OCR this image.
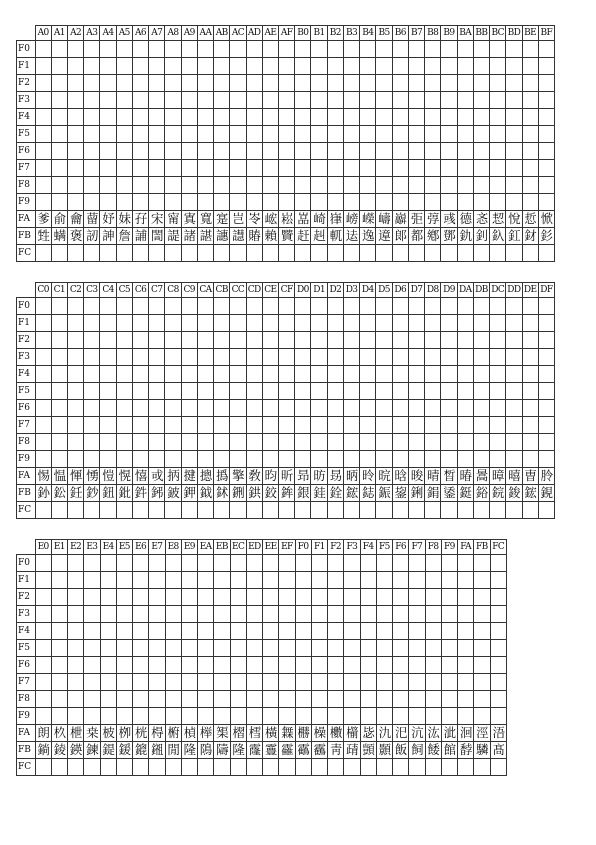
	A0	A1	A2	A3	A4	A5	A6	A7	A8	A9	AA	AB	AC	AD	AE	AF	B0	B1	B2	B3	B4	B5	B6	B7	B8	B9	BA	BB	BC	BD	BE	BF
F0																																
F1																																
F2																																
F3																																
F4																																
F5																																
F6																																
F7																																
F8																																
F9																																
FA	爹	俞	龠	蒥	妤	妹	孖	宋	甯	寘	寬	寔	岂	岺	峵	崧	嵓	崎	嵂	嵭	嶸	嶹	巐	弡	弴	彧	德	忞	恝	悅	悊	惞
FB	甡	螨	褒	訒	訷	詹	誧	誾	諟	諸	諶	譓	譿	賰	賴	贒	赶	赳	軏	迲	逸	遧	郞	都	鄕	鄧	釚	釗	釞	釭	釮	釤
FC																																
	C0	C1	C2	C3	C4	C5	C6	C7	C8	C9	CA	CB	CC	CD	CE	CF	D0	D1	D2	D3	D4	D5	D6	D7	D8	D9	DA	DB	DC	DD	DE	DF
F0																																
F1																																
F2																																
F3																																
F4																																
F5																																
F6																																
F7																																
F8																																
F9																																
FA	惕	愠	惲	愑	愷	愰	憘	戓	抦	揵	摠	撝	擎	敎	昀	昕	昻	昉	昮	昞	昤	晥	晗	晙	晴	晳	暙	暠	暲	暿	曺	朎
FB	釥	鈆	鈓	鈔	鈕	鈚	鈝	鈟	鈹	鉀	鉞	鉥	鉶	鉷	鉸	鉾	銀	銈	銓	鋐	鋕	鋠	鋆	鋓	鋗	鋈	鋌	鋊	鋎	鋑	鋐	鋧
FC																																
	E0	E1	E2	E3	E4	E5	E6	E7	E8	E9	EA	EB	EC	ED	EE	EF	F0	F1	F2	F3	F4	F5	F6	F7	F8	F9	FA	FB	FC
F0																													
F1																													
F2																													
F3																													
F4																													
F5																													
F6																													
F7																													
F8																													
F9																													
FA	朗	杦	枻	桒	柀	栁	桄	棏	椨	楨	榉	榘	槢	樰	橫	橆	橳	橾	櫢	櫤	毖	氿	汜	沆	汯	泚	洄	涇	浯
FB	鋿	錂	鍈	鍊	鍉	鍰	鎞	鎺	閒	隆	隝	隯	隆	霳	霻	靃	靍	靏	靑	靕	顗	顥	飯	飼	餧	館	馞	驎	髙
FC																													
